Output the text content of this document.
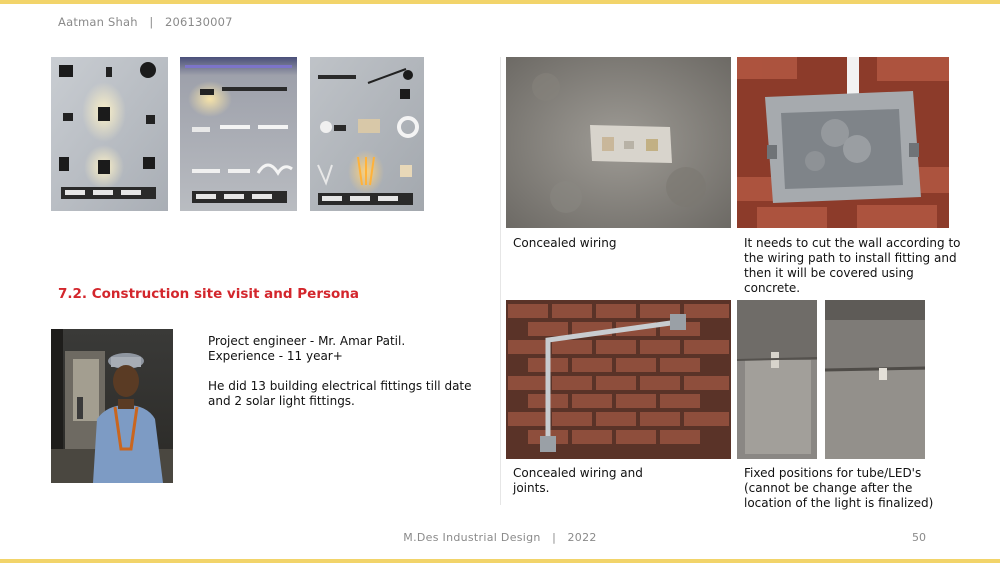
Aatman Shah | 206130007
7.2. Construction site visit and Persona
Project engineer - Mr. Amar Patil.
Experience - 11 year+
He did 13 building electrical fittings till date
and 2 solar light fittings.
Concealed wiring	It needs to cut the wall according to
the wiring path to install fitting and
then it will be covered using
concrete.
Concealed wiring and
joints.
Fixed positions for tube/LED's
(cannot be change after the
location of the light is finalized)
M.Des Industrial Design | 2022	50
